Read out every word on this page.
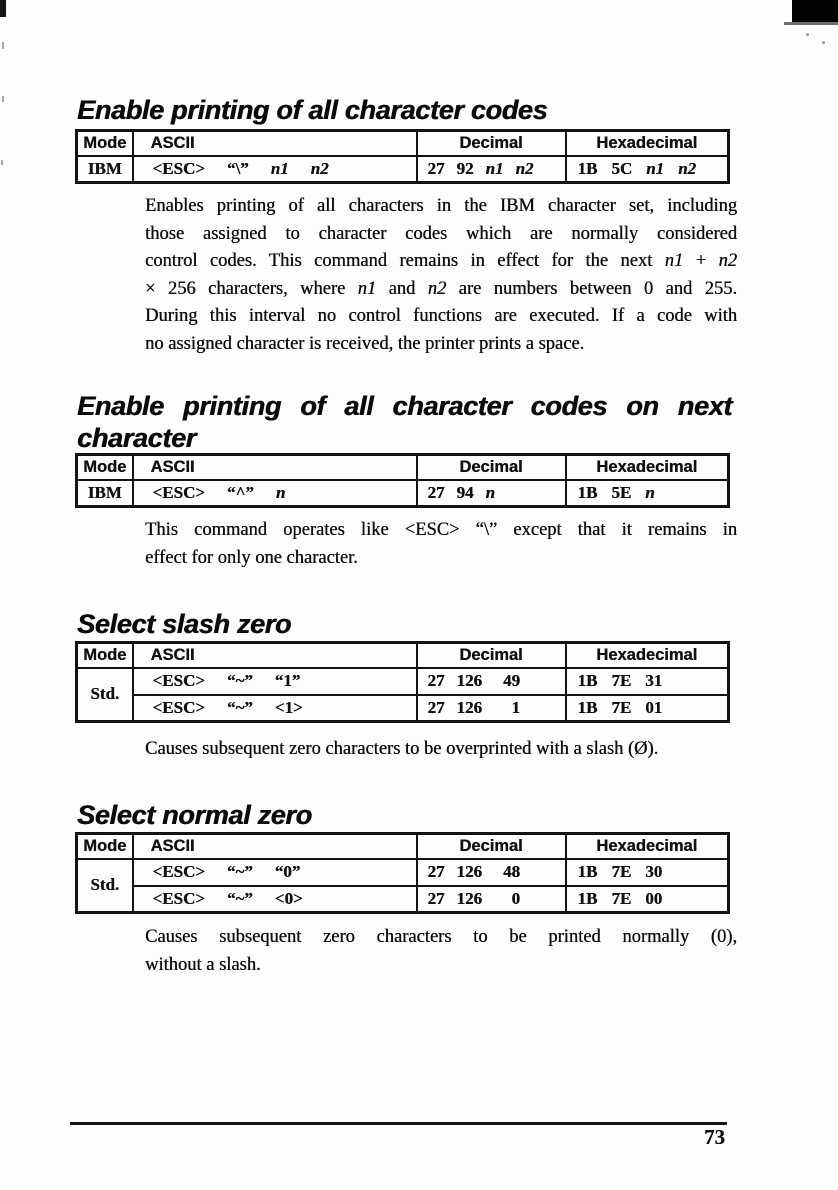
Enable printing of all character codes
Mode	ASCII	Decimal	Hexadecimal
IBM	<ESC> “\” n1 n2	27 92 n1 n2	1B 5C n1 n2
Enables printing of all characters in the IBM character set, including
those assigned to character codes which are normally considered
control codes. This command remains in effect for the next n1 + n2
× 256 characters, where n1 and n2 are numbers between 0 and 255.
During this interval no control functions are executed. If a code with
no assigned character is received, the printer prints a space.
Enable printing of all character codes on next
character
Mode	ASCII	Decimal	Hexadecimal
IBM	<ESC> “^” n	27 94 n	1B 5E n
This command operates like <ESC> “\” except that it remains in
effect for only one character.
Select slash zero
Mode	ASCII	Decimal	Hexadecimal
Std.	<ESC> “~” “1”	27 126 49	1B 7E 31
	<ESC> “~” <1>	27 126 1	1B 7E 01
Causes subsequent zero characters to be overprinted with a slash (Ø).
Select normal zero
Mode	ASCII	Decimal	Hexadecimal
Std.	<ESC> “~” “0”	27 126 48	1B 7E 30
	<ESC> “~” <0>	27 126 0	1B 7E 00
Causes subsequent zero characters to be printed normally (0),
without a slash.
73
